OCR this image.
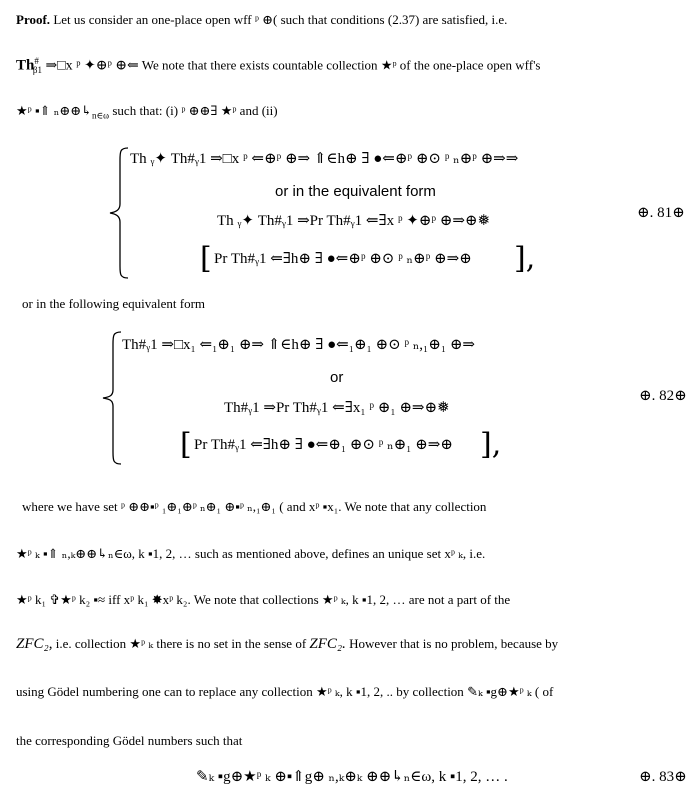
Proof. Let us consider an one-place open wff ᵖ ⊕( such that conditions (2.37) are satisfied, i.e.
$Th^{\#}_{\beta 1}$ ⇒□x ᵖ ✦⊕ᵖ ⊕⇐ We note that there exists countable collection ★ᵖ of the one-place open wff's
★ᵖ ▪⇑ $_n\oplus\oplus↳_{n\in\omega}$ such that: (i) ᵖ ⊕⊕∃ ★ᵖ and (ii)
Th ᵧ✦ Th#ᵧ1 ⇒□x ᵖ ⇐⊕ᵖ ⊕⇒ ⇑∈h⊕ ∃ ●⇐⊕ᵖ ⊕⊙ ᵖ ₙ⊕ᵖ ⊕⇒⇒
or in the equivalent form
Th ᵧ✦ Th#ᵧ1 ⇒Pr Th#ᵧ1 ⇐∃x ᵖ ✦⊕ᵖ ⊕⇒⊕❅
[ Pr Th#ᵧ1 ⇐∃h⊕ ∃ ●⇐⊕ᵖ ⊕⊙ ᵖ ₙ⊕ᵖ ⊕⇒⊕ ],
⊕. 81⊕
or in the following equivalent form
Th#ᵧ1 ⇒□x₁ ⇐₁⊕₁ ⊕⇒ ⇑∈h⊕ ∃ ●⇐₁⊕₁ ⊕⊙ ᵖ ₙ,₁⊕₁ ⊕⇒
or
Th#ᵧ1 ⇒Pr Th#ᵧ1 ⇐∃x₁ ᵖ ⊕₁ ⊕⇒⊕❅
[ Pr Th#ᵧ1 ⇐∃h⊕ ∃ ●⇐⊕₁ ⊕⊙ ᵖ ₙ⊕₁ ⊕⇒⊕ ],
⊕. 82⊕
where we have set ᵖ ⊕⊕▪ᵖ ₁⊕₁⊕ᵖ ₙ⊕₁ ⊕▪ᵖ ₙ,₁⊕₁ ( and xᵖ ▪x₁. We note that any collection
★ᵖ ₖ ▪⇑ ₙ,ₖ⊕⊕↳ₙ∈ω, k ▪1, 2, … such as mentioned above, defines an unique set xᵖ ₖ, i.e.
★ᵖ k₁ ✞★ᵖ k₂ ▪≈ iff xᵖ k₁ ✸xᵖ k₂. We note that collections ★ᵖ ₖ, k ▪1, 2, … are not a part of the
ZFC₂, i.e. collection ★ᵖ ₖ there is no set in the sense of ZFC₂. However that is no problem, because by
using Gödel numbering one can to replace any collection ★ᵖ ₖ, k ▪1, 2, .. by collection ✎ₖ ▪g⊕★ᵖ ₖ ( of
the corresponding Gödel numbers such that
✎ₖ ▪g⊕★ᵖ ₖ ⊕▪⇑g⊕ ₙ,ₖ⊕ₖ ⊕⊕↳ₙ∈ω, k ▪1, 2, … .	⊕. 83⊕
